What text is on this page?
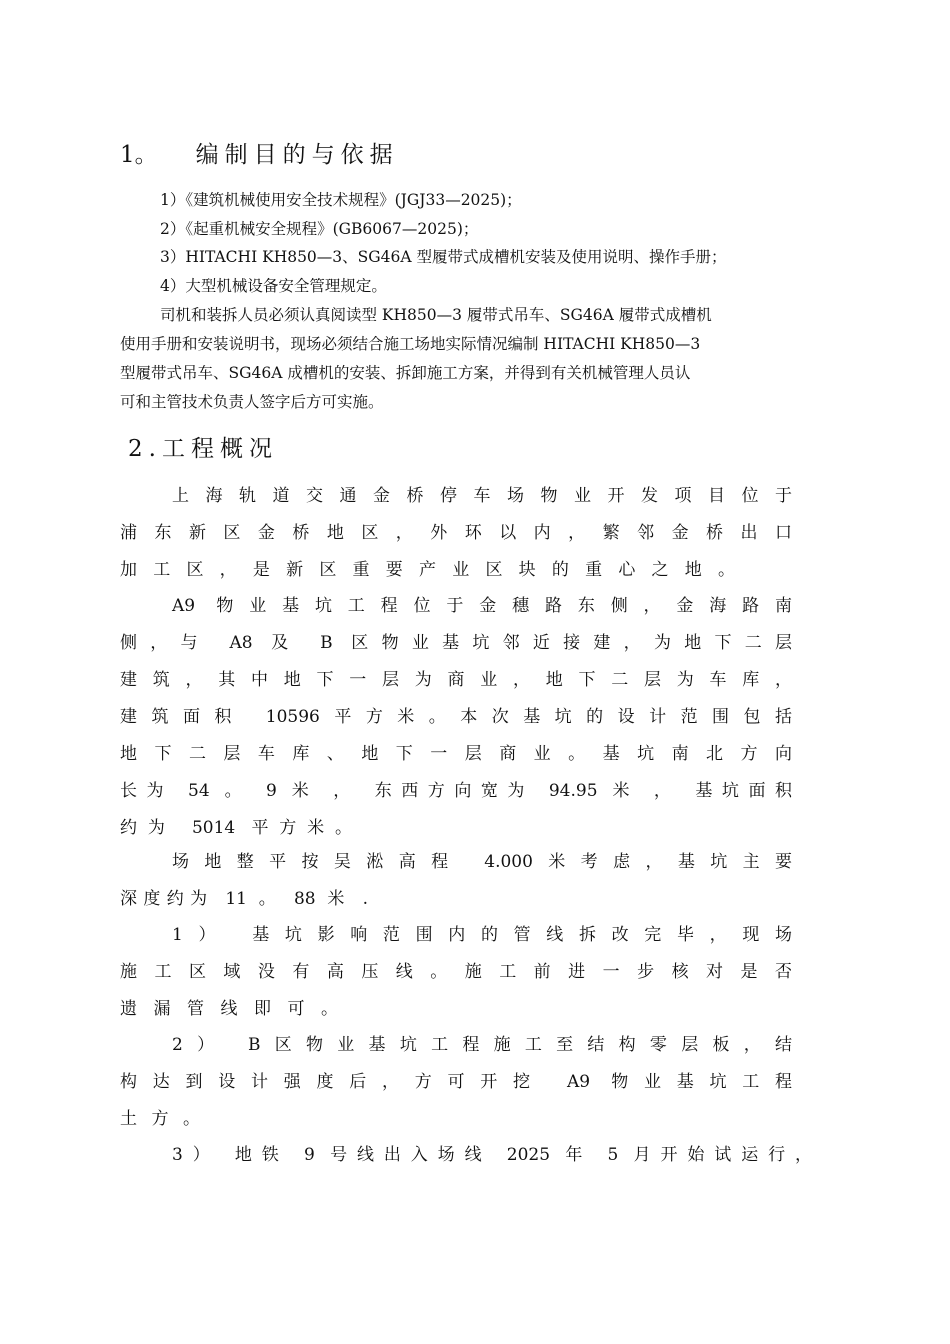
1。 编制目的与依据
1）《建筑机械使用安全技术规程》(JGJ33—2025)；
2）《起重机械安全规程》(GB6067—2025)；
3）HITACHI KH850—3、SG46A 型履带式成槽机安装及使用说明、操作手册；
4）大型机械设备安全管理规定。
司机和装拆人员必须认真阅读型 KH850—3 履带式吊车、SG46A 履带式成槽机
使用手册和安装说明书，现场必须结合施工场地实际情况编制 HITACHI KH850—3
型履带式吊车、SG46A 成槽机的安装、拆卸施工方案，并得到有关机械管理人员认
可和主管技术负责人签字后方可实施。
2.工程概况
上海轨道交通金桥停车场物业开发项目位于
浦东新区金桥地区，外环以内，繁邻金桥出口
加工区，是新区重要产业区块的重心之地。
A9 物业基坑工程位于金穗路东侧，金海路南
侧，与 A8 及 B 区物业基坑邻近接建，为地下二层
建筑，其中地下一层为商业，地下二层为车库，
建筑面积 10596平方米。本次基坑的设计范围包括
地下二层车库、地下一层商业。基坑南北方向
长为 54 。 9 米 ， 东西方向宽为 94.95 米 ， 基坑面积
约为 5014 平方米。
场地整平按吴淞高程 4.000米考虑，基坑主要
深度约为 11 。 88 米 .
1） 基坑影响范围内的管线拆改完毕，现场
施工区域没有高压线。施工前进一步核对是否
遗漏管线即可。
2） B区物业基坑工程施工至结构零层板，结
构达到设计强度后，方可开挖 A9 物业基坑工程
土方。
3） 地铁 9 号线出入场线 2025 年 5 月开始试运行，
